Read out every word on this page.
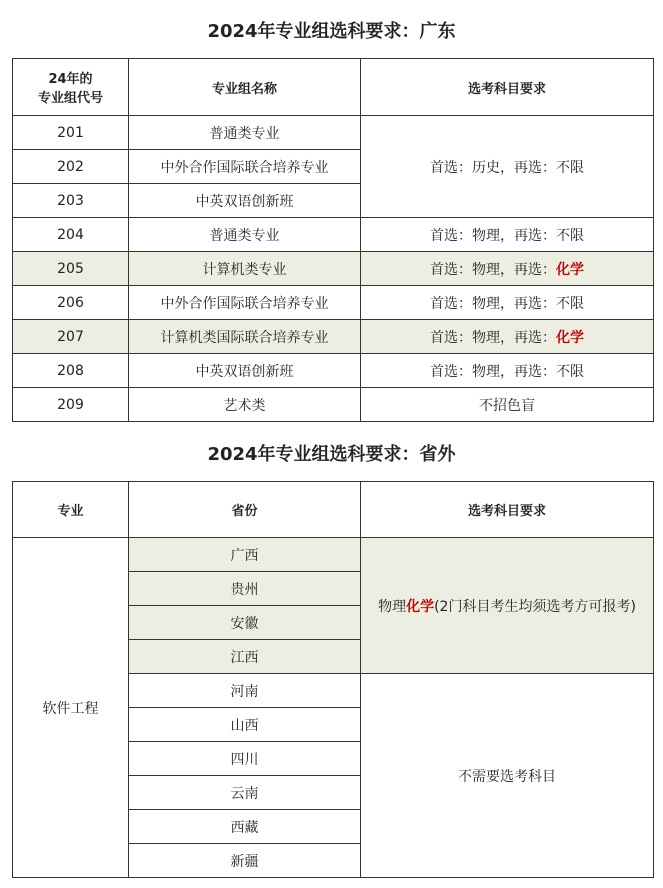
2024年专业组选科要求：广东
24年的
专业组代号	专业组名称	选考科目要求
201	普通类专业	首选：历史，再选：不限
202	中外合作国际联合培养专业	
203	中英双语创新班	
204	普通类专业	首选：物理，再选：不限
205	计算机类专业	首选：物理，再选：化学
206	中外合作国际联合培养专业	首选：物理，再选：不限
207	计算机类国际联合培养专业	首选：物理，再选：化学
208	中英双语创新班	首选：物理，再选：不限
209	艺术类	不招色盲
2024年专业组选科要求：省外
专业	省份	选考科目要求
软件工程	广西	物理化学(2门科目考生均须选考方可报考)
	贵州	
	安徽	
	江西	
	河南	不需要选考科目
	山西	
	四川	
	云南	
	西藏	
	新疆	
